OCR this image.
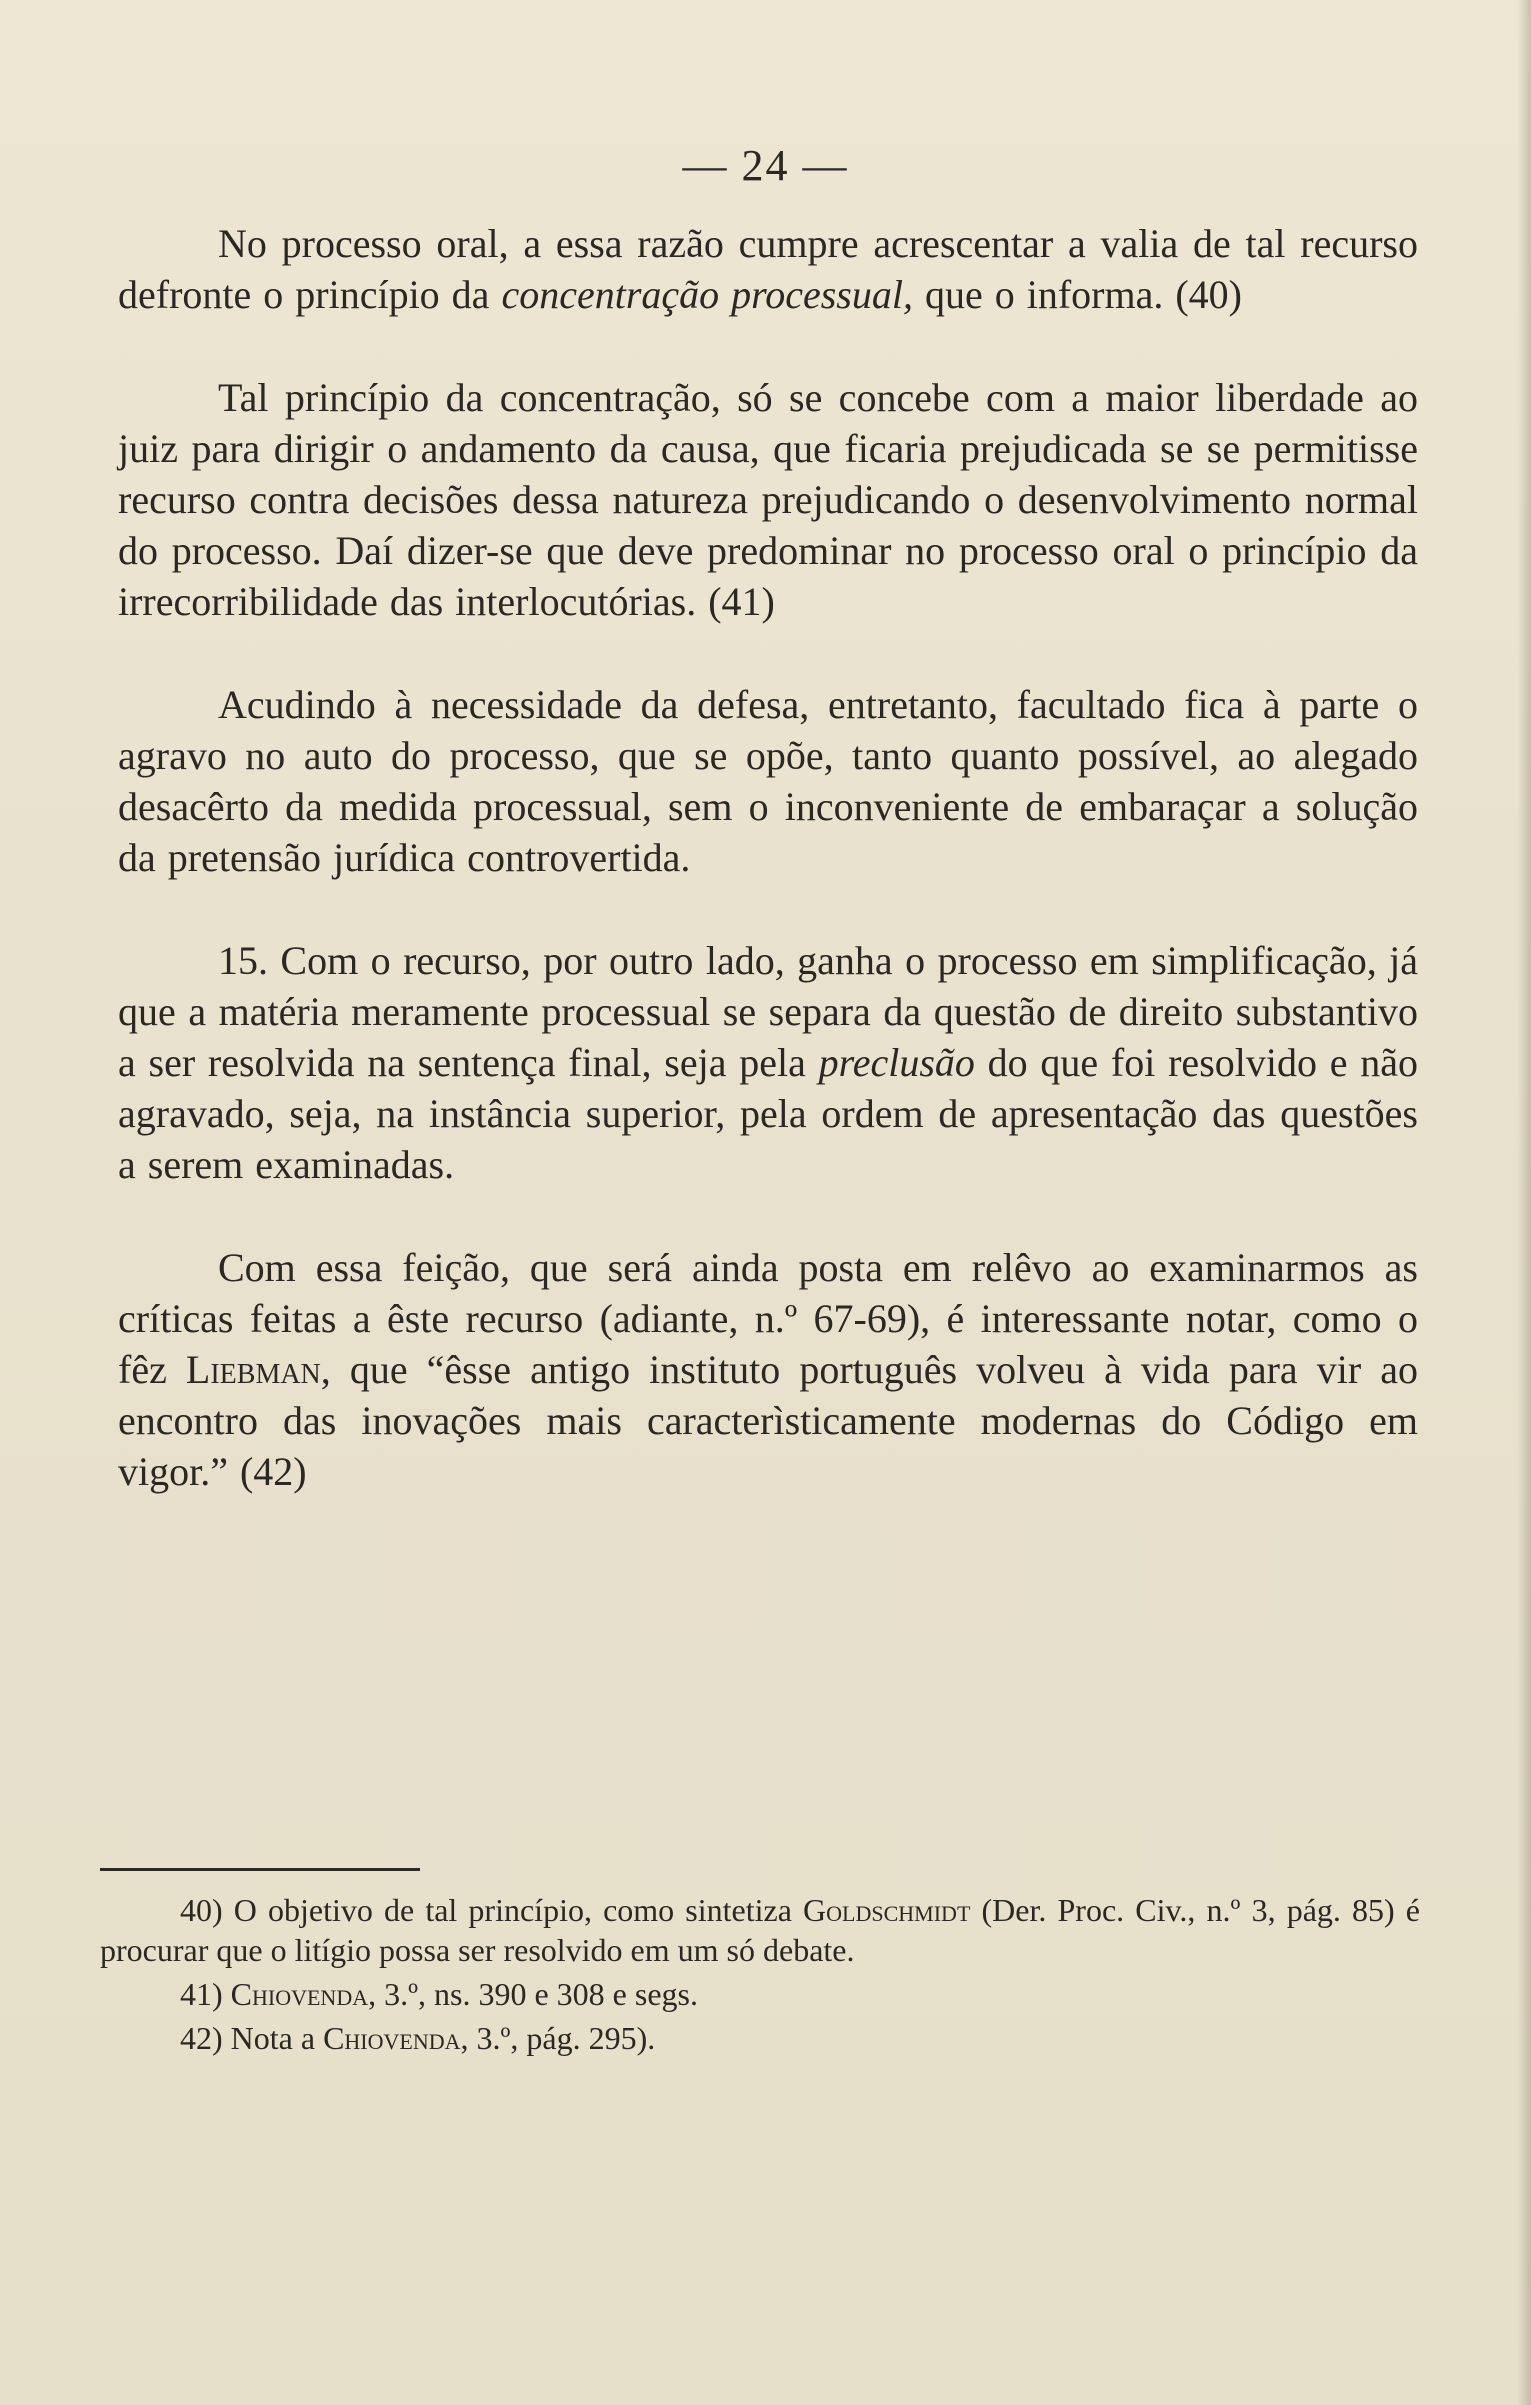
— 24 —

No processo oral, a essa razão cumpre acrescentar a valia de tal recurso defronte o princípio da concentração processual, que o informa. (40)

Tal princípio da concentração, só se concebe com a maior liberdade ao juiz para dirigir o andamento da causa, que ficaria prejudicada se se permitisse recurso contra decisões dessa natureza prejudicando o desenvolvimento normal do processo. Daí dizer-se que deve predominar no processo oral o princípio da irrecorribilidade das interlocutórias. (41)

Acudindo à necessidade da defesa, entretanto, facultado fica à parte o agravo no auto do processo, que se opõe, tanto quanto possível, ao alegado desacêrto da medida processual, sem o inconveniente de embaraçar a solução da pretensão jurídica controvertida.

15. Com o recurso, por outro lado, ganha o processo em simplificação, já que a matéria meramente processual se separa da questão de direito substantivo a ser resolvida na sentença final, seja pela preclusão do que foi resolvido e não agravado, seja, na instância superior, pela ordem de apresentação das questões a serem examinadas.

Com essa feição, que será ainda posta em relêvo ao examinarmos as críticas feitas a êste recurso (adiante, n.º 67-69), é interessante notar, como o fêz Liebman, que “êsse antigo instituto português volveu à vida para vir ao encontro das inovações mais caracterìsticamente modernas do Código em vigor.” (42)

40) O objetivo de tal princípio, como sintetiza Goldschmidt (Der. Proc. Civ., n.º 3, pág. 85) é procurar que o litígio possa ser resolvido em um só debate.

41) Chiovenda, 3.º, ns. 390 e 308 e segs.

42) Nota a Chiovenda, 3.º, pág. 295).
